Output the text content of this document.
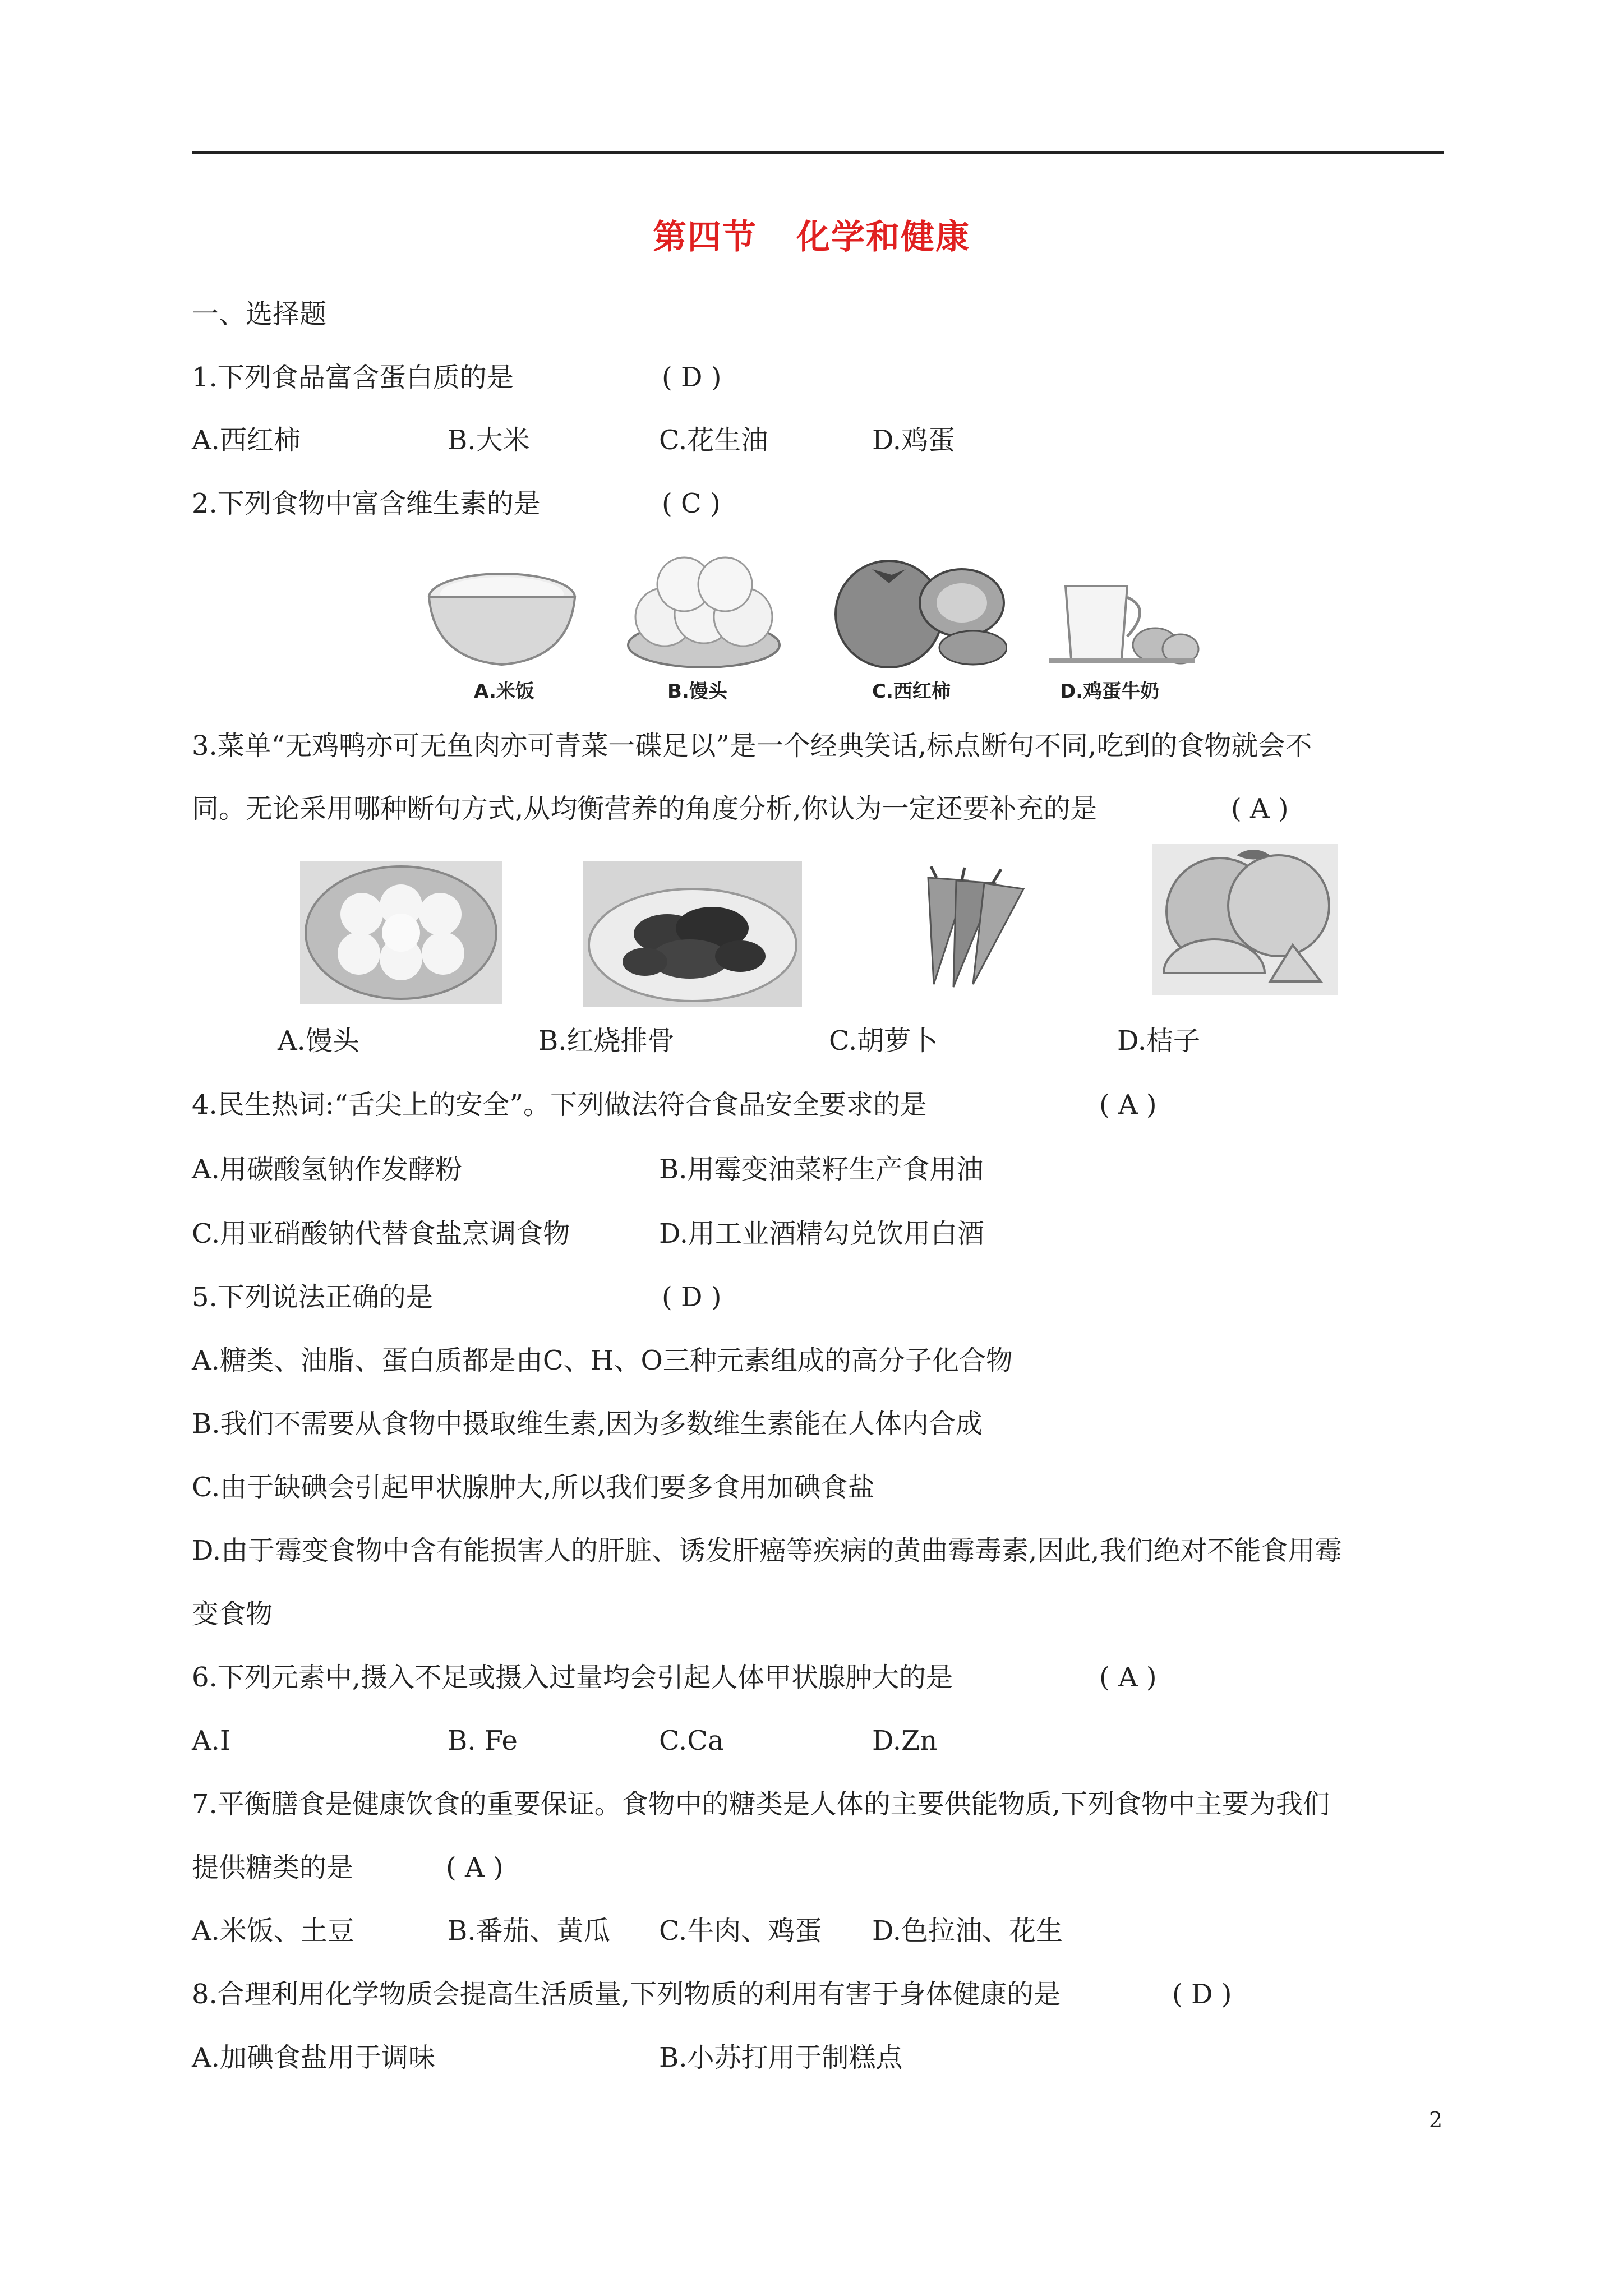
第四节 化学和健康
一、选择题
1.下列食品富含蛋白质的是	( D )
A.西红柿	B.大米	C.花生油	D.鸡蛋
2.下列食物中富含维生素的是	( C )
A.米饭	B.馒头	C.西红柿	D.鸡蛋牛奶
3.菜单“无鸡鸭亦可无鱼肉亦可青菜一碟足以”是一个经典笑话,标点断句不同,吃到的食物就会不
同。无论采用哪种断句方式,从均衡营养的角度分析,你认为一定还要补充的是	( A )
A.馒头	B.红烧排骨	C.胡萝卜	D.桔子
4.民生热词:“舌尖上的安全”。下列做法符合食品安全要求的是	( A )
A.用碳酸氢钠作发酵粉	B.用霉变油菜籽生产食用油
C.用亚硝酸钠代替食盐烹调食物	D.用工业酒精勾兑饮用白酒
5.下列说法正确的是	( D )
A.糖类、油脂、蛋白质都是由C、H、O三种元素组成的高分子化合物
B.我们不需要从食物中摄取维生素,因为多数维生素能在人体内合成
C.由于缺碘会引起甲状腺肿大,所以我们要多食用加碘食盐
D.由于霉变食物中含有能损害人的肝脏、诱发肝癌等疾病的黄曲霉毒素,因此,我们绝对不能食用霉
变食物
6.下列元素中,摄入不足或摄入过量均会引起人体甲状腺肿大的是	( A )
A.I	B. Fe	C.Ca	D.Zn
7.平衡膳食是健康饮食的重要保证。食物中的糖类是人体的主要供能物质,下列食物中主要为我们
提供糖类的是	( A )
A.米饭、土豆	B.番茄、黄瓜 C.牛肉、鸡蛋 D.色拉油、花生
8.合理利用化学物质会提高生活质量,下列物质的利用有害于身体健康的是	( D )
A.加碘食盐用于调味	B.小苏打用于制糕点
2
